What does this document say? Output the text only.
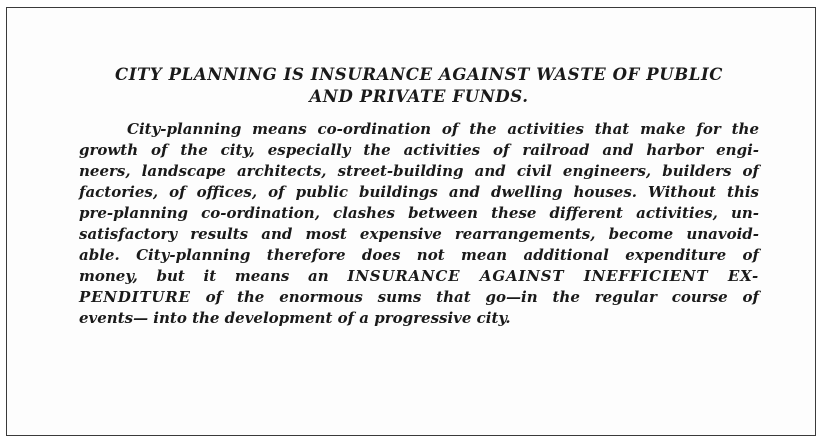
CITY PLANNING IS INSURANCE AGAINST WASTE OF PUBLIC
AND PRIVATE FUNDS.
City-planning means co-ordination of the activities that make for the
growth of the city, especially the activities of railroad and harbor engi-
neers, landscape architects, street-building and civil engineers, builders of
factories, of offices, of public buildings and dwelling houses. Without this
pre-planning co-ordination, clashes between these different activities, un-
satisfactory results and most expensive rearrangements, become unavoid-
able. City-planning therefore does not mean additional expenditure of
money, but it means an INSURANCE AGAINST INEFFICIENT EX-
PENDITURE of the enormous sums that go—in the regular course of
events— into the development of a progressive city.
